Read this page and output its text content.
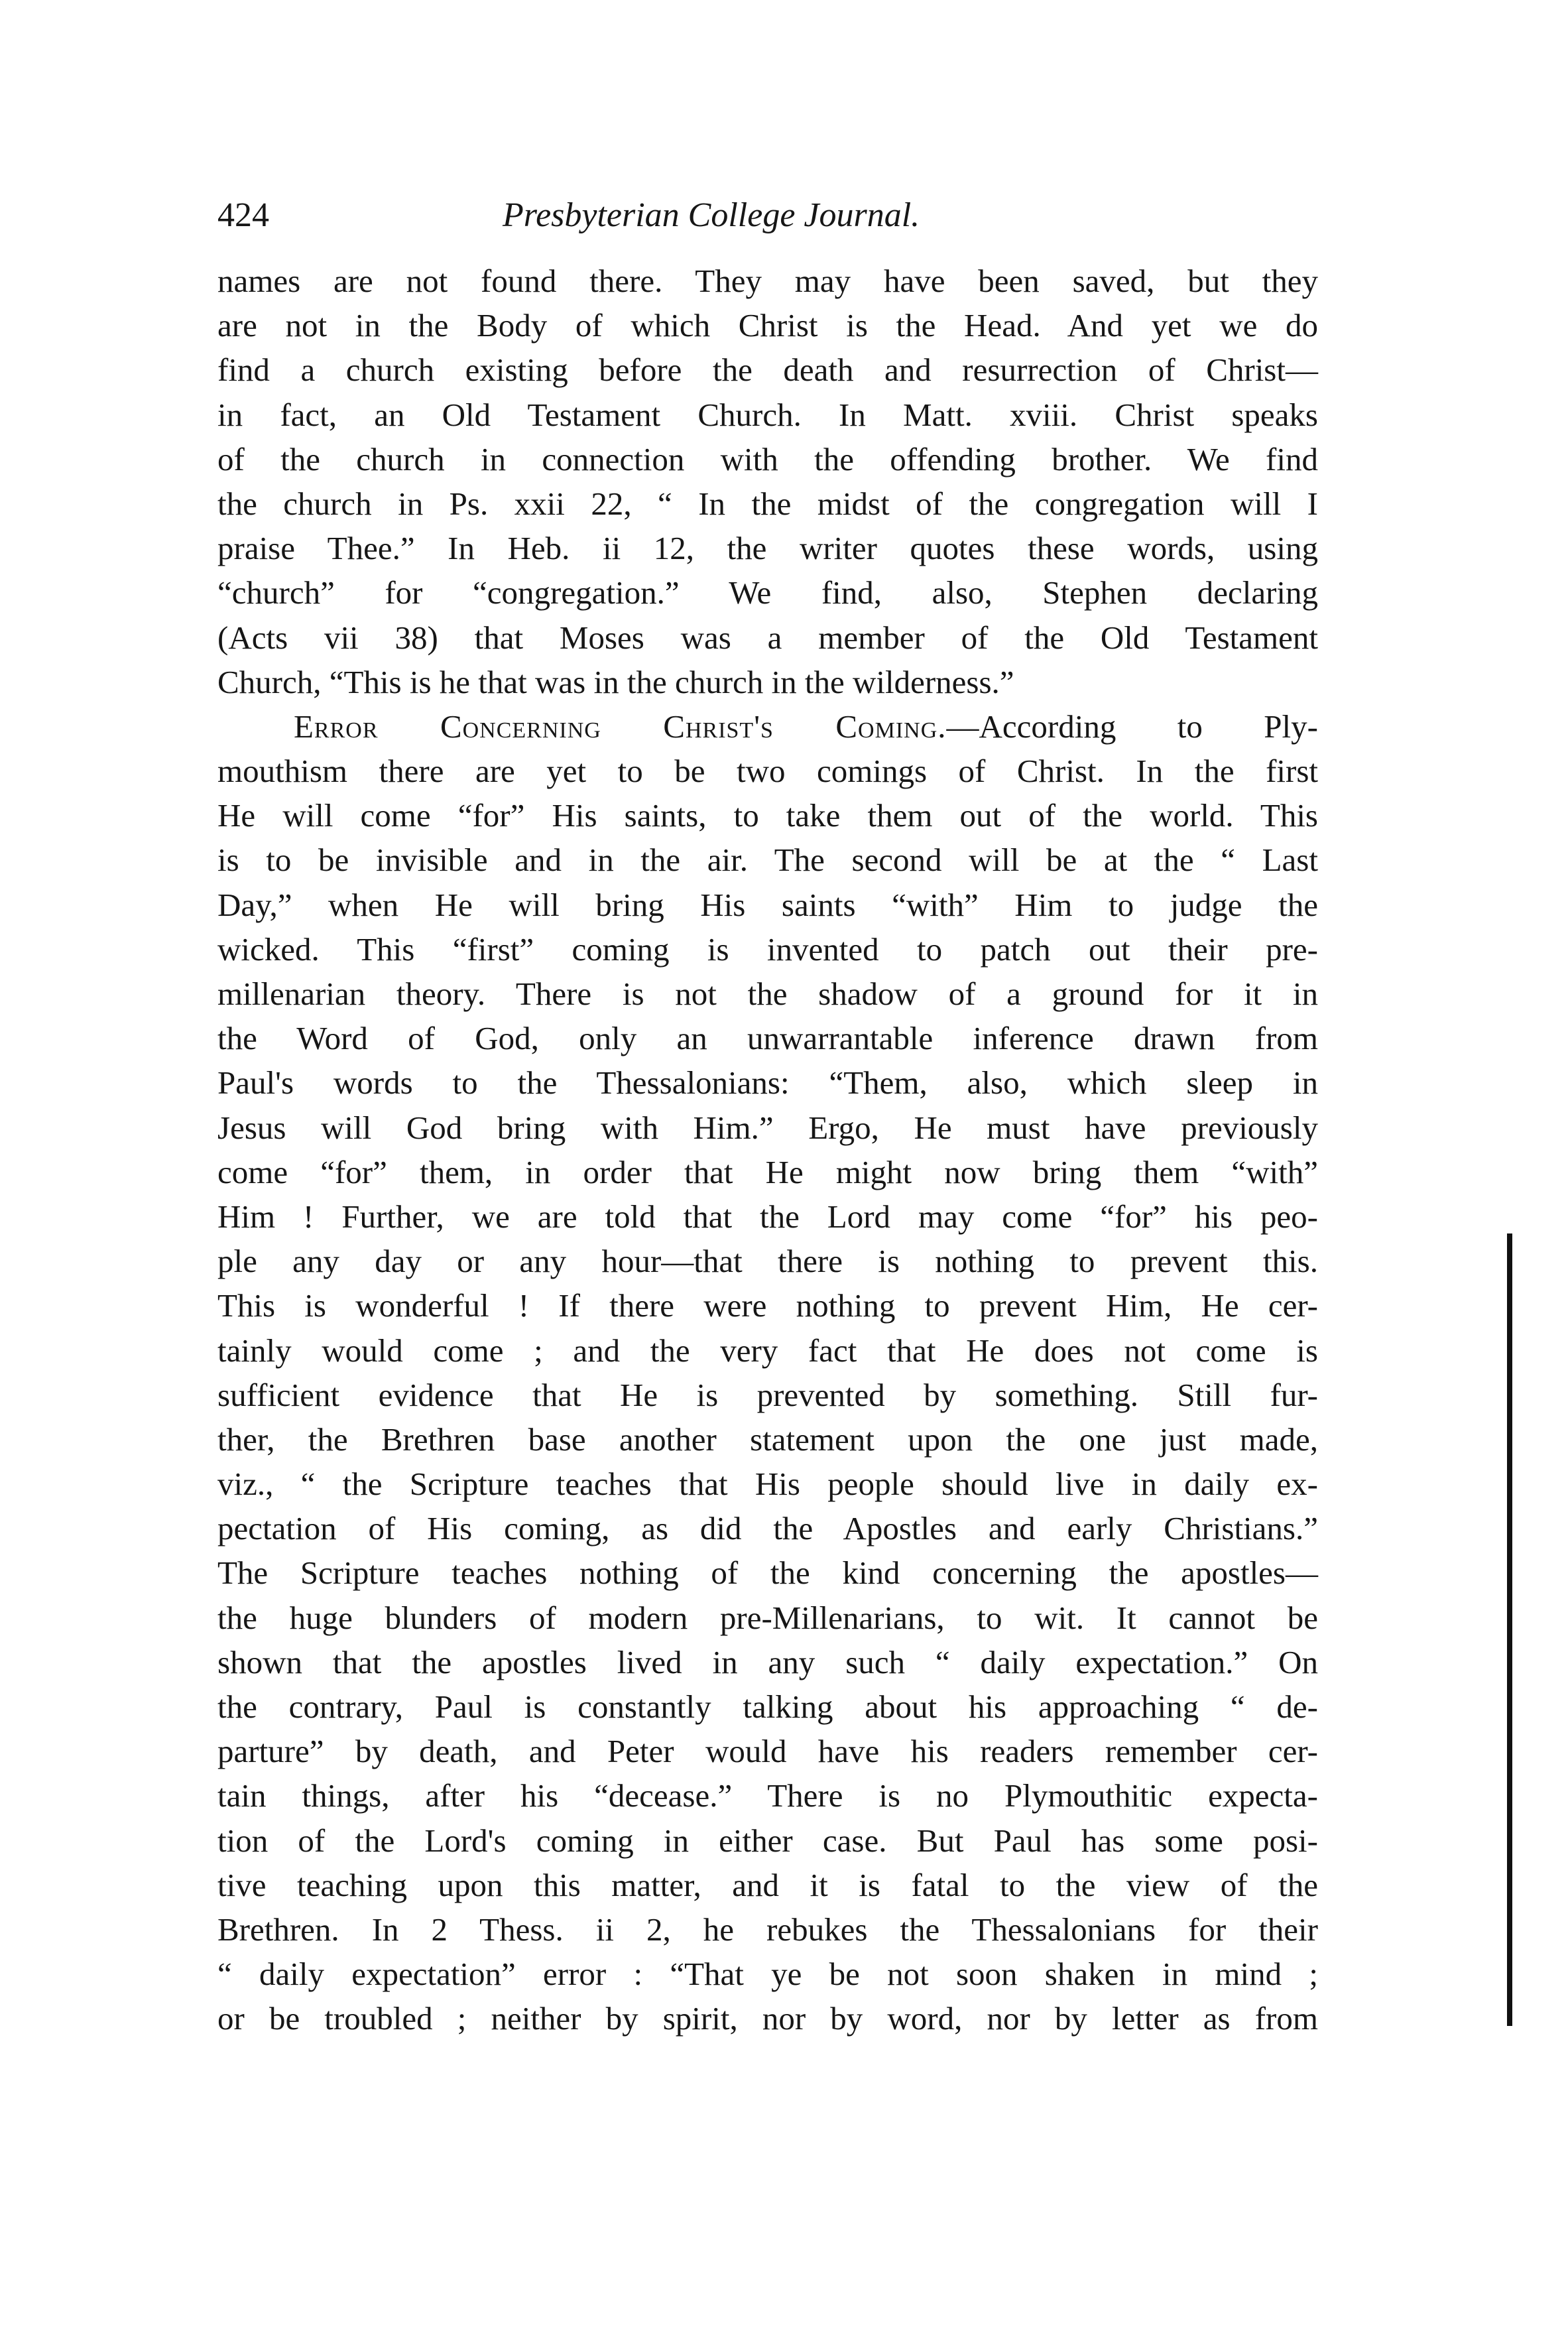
424	Presbyterian College Journal.
names are not found there. They may have been saved, but they
are not in the Body of which Christ is the Head. And yet we do
find a church existing before the death and resurrection of Christ—
in fact, an Old Testament Church. In Matt. xviii. Christ speaks
of the church in connection with the offending brother. We find
the church in Ps. xxii 22, “ In the midst of the congregation will I
praise Thee.” In Heb. ii 12, the writer quotes these words, using
“church” for “congregation.” We find, also, Stephen declaring
(Acts vii 38) that Moses was a member of the Old Testament
Church, “This is he that was in the church in the wilderness.”
Error Concerning Christ's Coming.—According to Ply-
mouthism there are yet to be two comings of Christ. In the first
He will come “for” His saints, to take them out of the world. This
is to be invisible and in the air. The second will be at the “ Last
Day,” when He will bring His saints “with” Him to judge the
wicked. This “first” coming is invented to patch out their pre-
millenarian theory. There is not the shadow of a ground for it in
the Word of God, only an unwarrantable inference drawn from
Paul's words to the Thessalonians: “Them, also, which sleep in
Jesus will God bring with Him.” Ergo, He must have previously
come “for” them, in order that He might now bring them “with”
Him ! Further, we are told that the Lord may come “for” his peo-
ple any day or any hour—that there is nothing to prevent this.
This is wonderful ! If there were nothing to prevent Him, He cer-
tainly would come ; and the very fact that He does not come is
sufficient evidence that He is prevented by something. Still fur-
ther, the Brethren base another statement upon the one just made,
viz., “ the Scripture teaches that His people should live in daily ex-
pectation of His coming, as did the Apostles and early Christians.”
The Scripture teaches nothing of the kind concerning the apostles—
the huge blunders of modern pre-Millenarians, to wit. It cannot be
shown that the apostles lived in any such “ daily expectation.” On
the contrary, Paul is constantly talking about his approaching “ de-
parture” by death, and Peter would have his readers remember cer-
tain things, after his “decease.” There is no Plymouthitic expecta-
tion of the Lord's coming in either case. But Paul has some posi-
tive teaching upon this matter, and it is fatal to the view of the
Brethren. In 2 Thess. ii 2, he rebukes the Thessalonians for their
“ daily expectation” error : “That ye be not soon shaken in mind ;
or be troubled ; neither by spirit, nor by word, nor by letter as from
